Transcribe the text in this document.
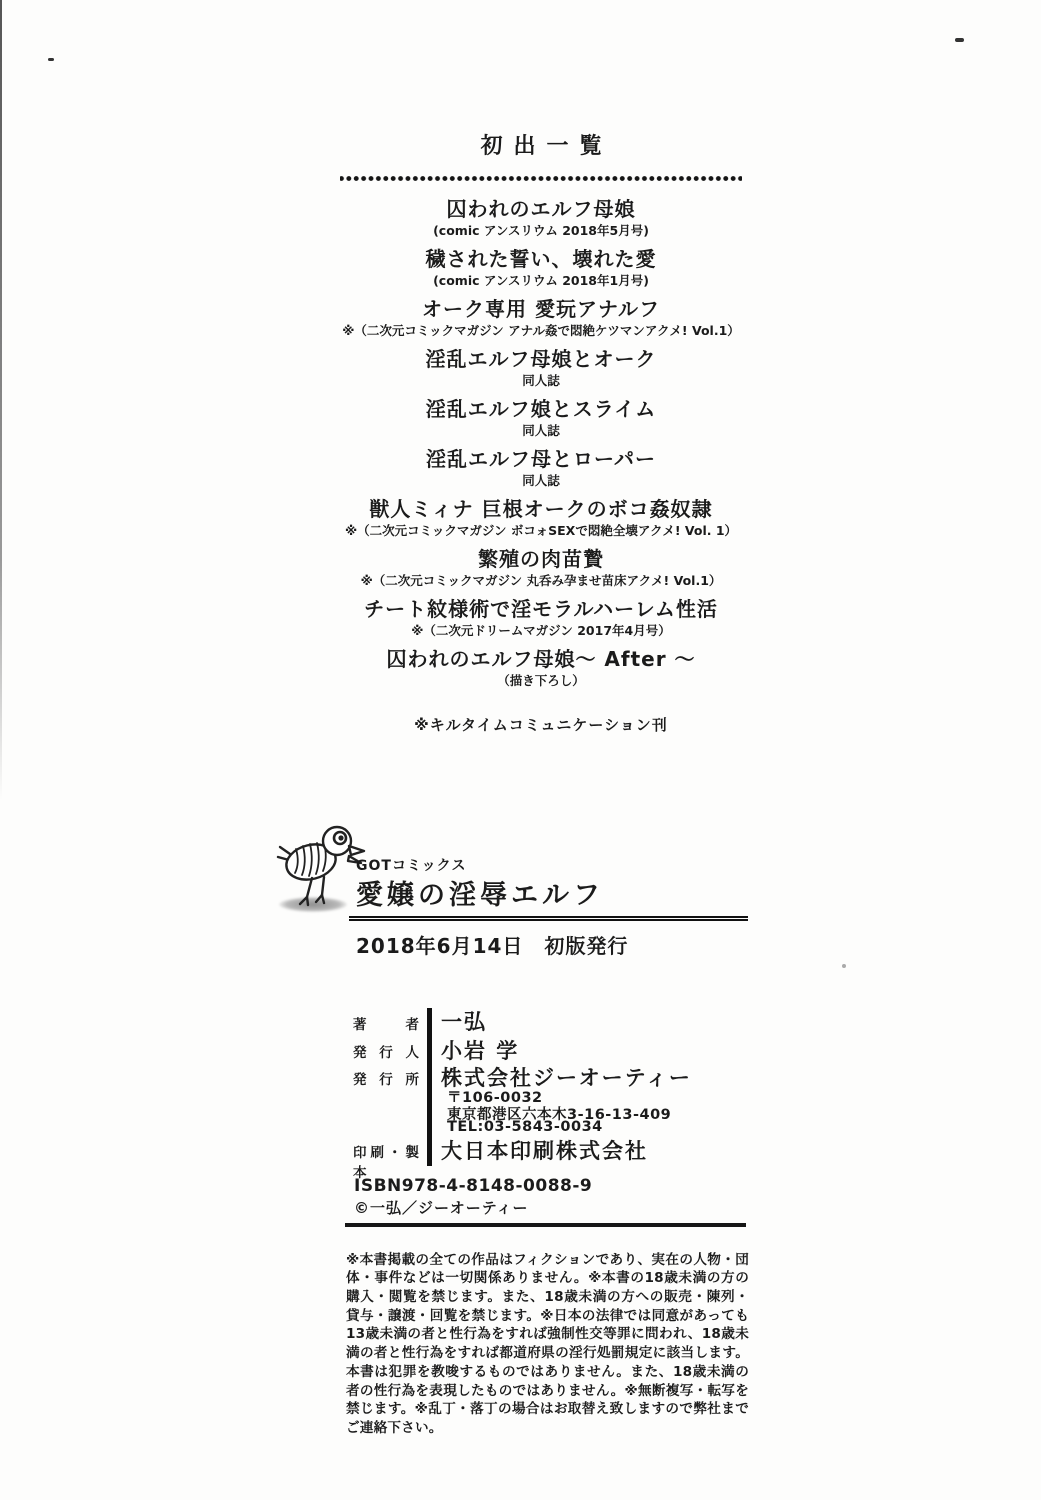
初出一覧
囚われのエルフ母娘
(comic アンスリウム 2018年5月号)
穢された誓い、壊れた愛
(comic アンスリウム 2018年1月号)
オーク専用 愛玩アナルフ
※（二次元コミックマガジン アナル姦で悶絶ケツマンアクメ! Vol.1）
淫乱エルフ母娘とオーク
同人誌
淫乱エルフ娘とスライム
同人誌
淫乱エルフ母とローパー
同人誌
獣人ミィナ 巨根オークのボコ姦奴隷
※（二次元コミックマガジン ボコォSEXで悶絶全壊アクメ! Vol. 1）
繁殖の肉苗贄
※（二次元コミックマガジン 丸呑み孕ませ苗床アクメ! Vol.1）
チート紋様術で淫モラルハーレム性活
※（二次元ドリームマガジン 2017年4月号）
囚われのエルフ母娘～ After ～
（描き下ろし）
※キルタイムコミュニケーション刊
GOTコミックス
愛嬢の淫辱エルフ
2018年6月14日　初版発行
著者 一弘
発行人 小岩 学
発行所 株式会社ジーオーティー
〒106-0032
東京都港区六本木3-16-13-409
TEL:03-5843-0034
印刷・製本
大日本印刷株式会社
ISBN978-4-8148-0088-9
©一弘／ジーオーティー

※本書掲載の全ての作品はフィクションであり、実在の人物・団体・事件などは一切関係ありません。※本書の18歳未満の方の購入・閲覧を禁じます。また、18歳未満の方への販売・陳列・貸与・譲渡・回覧を禁じます。※日本の法律では同意があっても13歳未満の者と性行為をすれば強制性交等罪に問われ、18歳未満の者と性行為をすれば都道府県の淫行処罰規定に該当します。本書は犯罪を教唆するものではありません。また、18歳未満の者の性行為を表現したものではありません。※無断複写・転写を禁じます。※乱丁・落丁の場合はお取替え致しますので弊社までご連絡下さい。
